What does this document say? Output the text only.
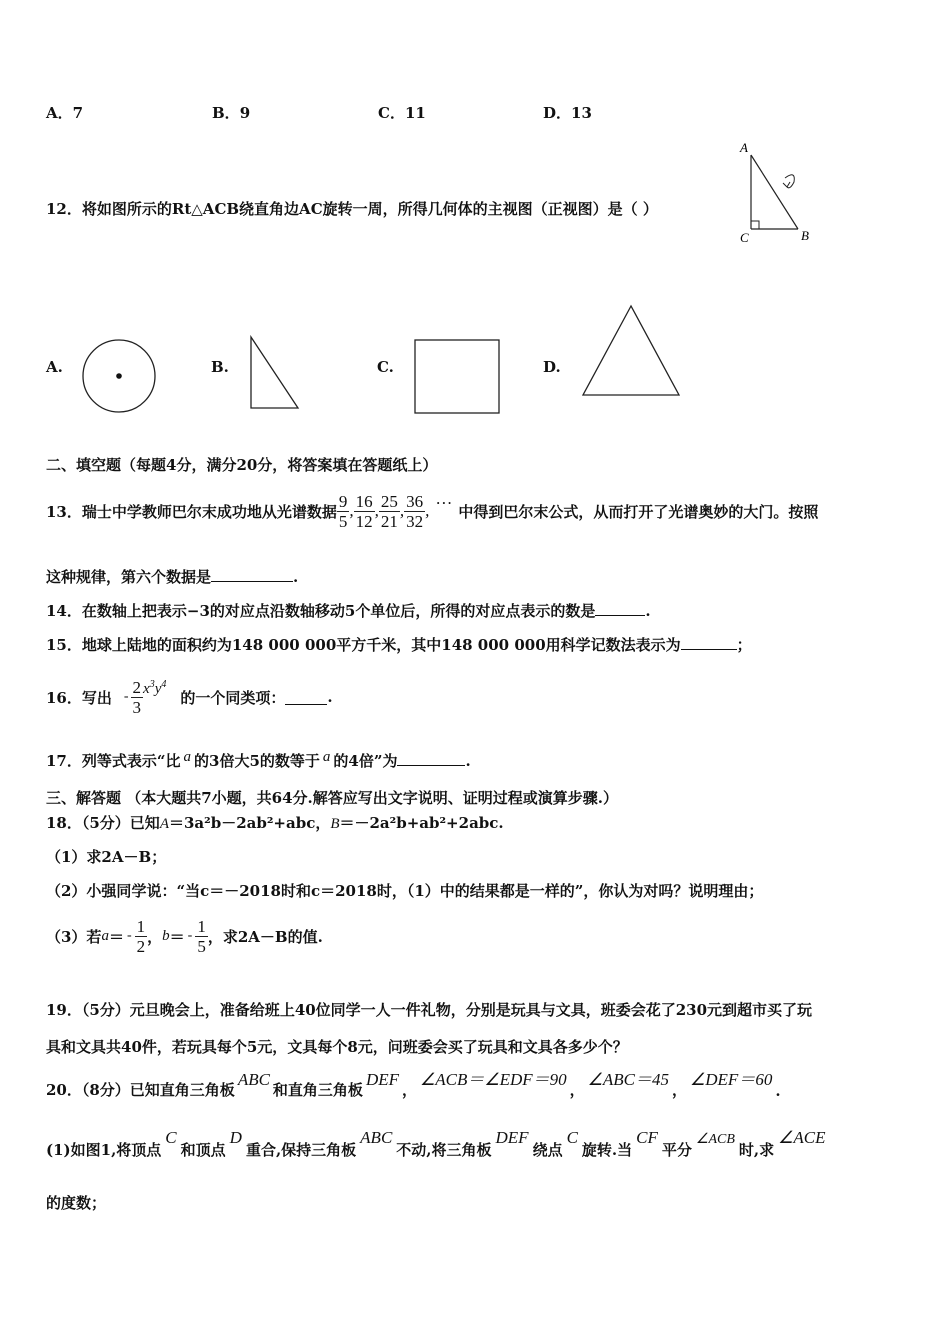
A．7	B．9	C．11	D．13
12．将如图所示的Rt△ACB绕直角边AC旋转一周，所得几何体的主视图（正视图）是（ ）
A
B
C
A.	B.	C.	D.
二、填空题（每题4分，满分20分，将答案填在答题纸上）
13．瑞士中学教师巴尔末成功地从光谱数据 $\frac{9}{5}$ , $\frac{16}{12}$ , $\frac{25}{21}$ , $\frac{36}{32}$ ,
…
中得到巴尔末公式，从而打开了光谱奥妙的大门。按照
这种规律，第六个数据是	.
14．在数轴上把表示−3的对应点沿数轴移动5个单位后，所得的对应点表示的数是	.
15．地球上陆地的面积约为148 000 000平方千米，其中148 000 000用科学记数法表示为	；
16．写出 - $\frac{2}{3} x^3y^4$
的一个同类项：	.
17．列等式表示“比 a 的3倍大5的数等于 a 的4倍”为	.
三、解答题 （本大题共7小题，共64分.解答应写出文字说明、证明过程或演算步骤.）
18．（5分）已知A＝3a²b－2ab²+abc，B＝－2a²b+ab²+2abc.
（1）求2A－B；
（2）小强同学说：“当c＝－2018时和c＝2018时，（1）中的结果都是一样的”，你认为对吗？说明理由；
（3）若 a ＝ - $\frac{1}{2}$ ， b ＝ - $\frac{1}{5}$ ，求2A－B的值.
19．（5分）元旦晚会上，准备给班上40位同学一人一件礼物，分别是玩具与文具，班委会花了230元到超市买了玩
具和文具共40件，若玩具每个5元，文具每个8元，问班委会买了玩具和文具各多少个？
20．（8分）已知直角三角板
ABC
和直角三角板
DEF
，
∠ACB＝∠EDF＝90
，
∠ABC＝45
，
∠DEF＝60
.
(1)如图1,将顶点
C
和顶点
D
重合,保持三角板
ABC
不动,将三角板
DEF
绕点
C
旋转.当
CF
平分
∠ACB
时,求
∠ACE
的度数；
